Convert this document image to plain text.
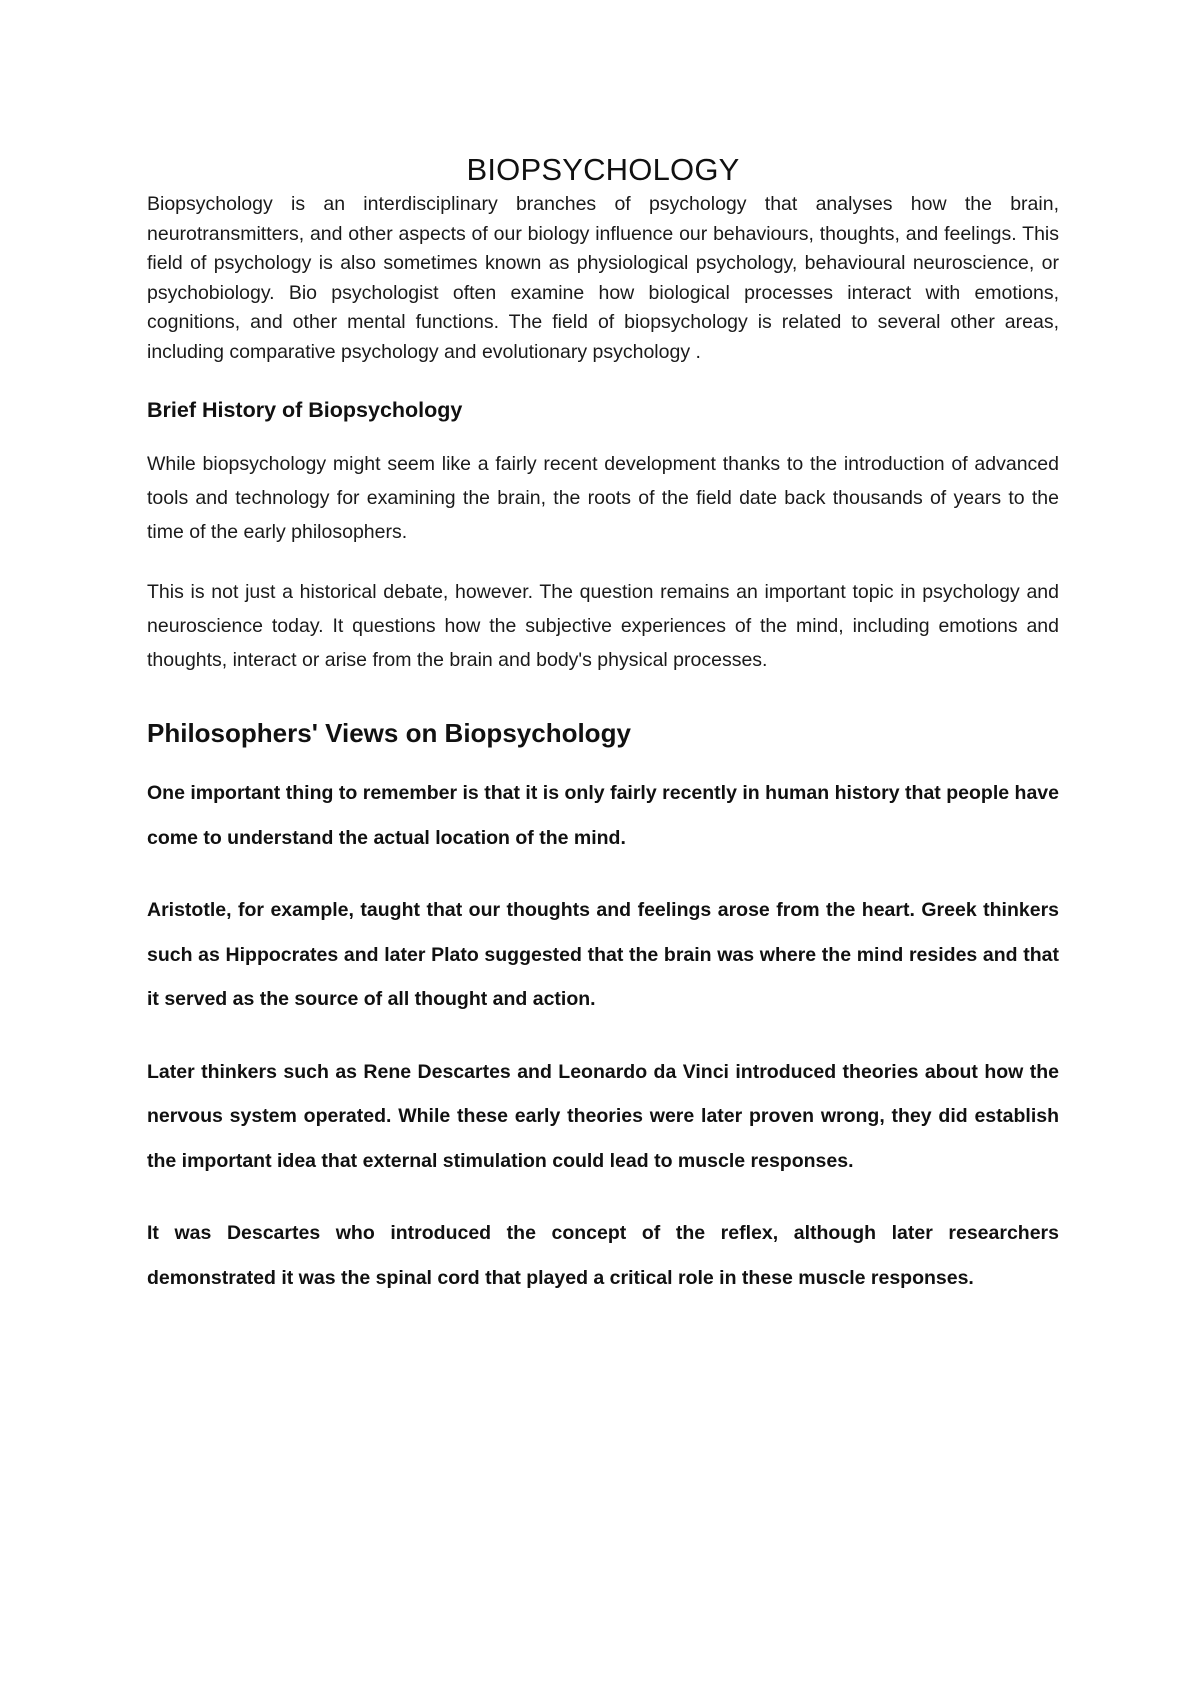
BIOPSYCHOLOGY

Biopsychology is an interdisciplinary branches of psychology that analyses how the brain, neurotransmitters, and other aspects of our biology influence our behaviours, thoughts, and feelings. This field of psychology is also sometimes known as physiological psychology, behavioural neuroscience, or psychobiology. Bio psychologist often examine how biological processes interact with emotions, cognitions, and other mental functions. The field of biopsychology is related to several other areas, including comparative psychology and evolutionary psychology .

Brief History of Biopsychology

While biopsychology might seem like a fairly recent development thanks to the introduction of advanced tools and technology for examining the brain, the roots of the field date back thousands of years to the time of the early philosophers.

This is not just a historical debate, however. The question remains an important topic in psychology and neuroscience today. It questions how the subjective experiences of the mind, including emotions and thoughts, interact or arise from the brain and body's physical processes.

Philosophers' Views on Biopsychology

One important thing to remember is that it is only fairly recently in human history that people have come to understand the actual location of the mind.

Aristotle, for example, taught that our thoughts and feelings arose from the heart. Greek thinkers such as Hippocrates and later Plato suggested that the brain was where the mind resides and that it served as the source of all thought and action.

Later thinkers such as Rene Descartes and Leonardo da Vinci introduced theories about how the nervous system operated. While these early theories were later proven wrong, they did establish the important idea that external stimulation could lead to muscle responses.

It was Descartes who introduced the concept of the reflex, although later researchers demonstrated it was the spinal cord that played a critical role in these muscle responses.
